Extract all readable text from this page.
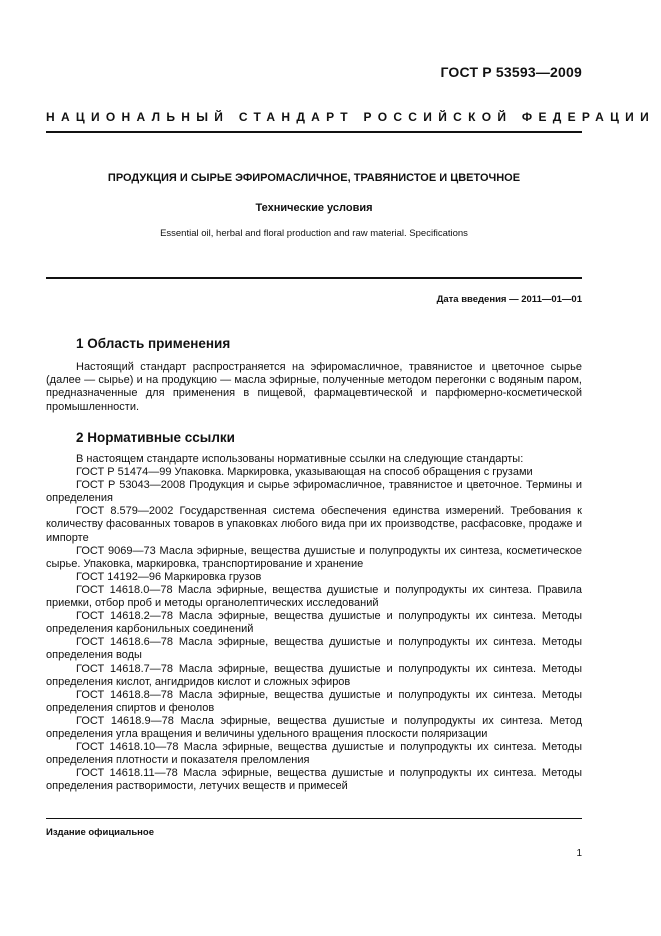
ГОСТ Р 53593—2009
НАЦИОНАЛЬНЫЙ СТАНДАРТ РОССИЙСКОЙ ФЕДЕРАЦИИ
ПРОДУКЦИЯ И СЫРЬЕ ЭФИРОМАСЛИЧНОЕ, ТРАВЯНИСТОЕ И ЦВЕТОЧНОЕ
Технические условия
Essential oil, herbal and floral production and raw material. Specifications
Дата введения — 2011—01—01
1 Область применения
Настоящий стандарт распространяется на эфиромасличное, травянистое и цветочное сырье (далее — сырье) и на продукцию — масла эфирные, полученные методом перегонки с водяным паром, предназначенные для применения в пищевой, фармацевтической и парфюмерно-косметической промышленности.
2 Нормативные ссылки

В настоящем стандарте использованы нормативные ссылки на следующие стандарты:

ГОСТ Р 51474—99 Упаковка. Маркировка, указывающая на способ обращения с грузами

ГОСТ Р 53043—2008 Продукция и сырье эфиромасличное, травянистое и цветочное. Термины и определения

ГОСТ 8.579—2002 Государственная система обеспечения единства измерений. Требования к количеству фасованных товаров в упаковках любого вида при их производстве, расфасовке, продаже и импорте

ГОСТ 9069—73 Масла эфирные, вещества душистые и полупродукты их синтеза, косметическое сырье. Упаковка, маркировка, транспортирование и хранение

ГОСТ 14192—96 Маркировка грузов

ГОСТ 14618.0—78 Масла эфирные, вещества душистые и полупродукты их синтеза. Правила приемки, отбор проб и методы органолептических исследований

ГОСТ 14618.2—78 Масла эфирные, вещества душистые и полупродукты их синтеза. Методы определения карбонильных соединений

ГОСТ 14618.6—78 Масла эфирные, вещества душистые и полупродукты их синтеза. Методы определения воды

ГОСТ 14618.7—78 Масла эфирные, вещества душистые и полупродукты их синтеза. Методы определения кислот, ангидридов кислот и сложных эфиров

ГОСТ 14618.8—78 Масла эфирные, вещества душистые и полупродукты их синтеза. Методы определения спиртов и фенолов

ГОСТ 14618.9—78 Масла эфирные, вещества душистые и полупродукты их синтеза. Метод определения угла вращения и величины удельного вращения плоскости поляризации

ГОСТ 14618.10—78 Масла эфирные, вещества душистые и полупродукты их синтеза. Методы определения плотности и показателя преломления

ГОСТ 14618.11—78 Масла эфирные, вещества душистые и полупродукты их синтеза. Методы определения растворимости, летучих веществ и примесей

Издание официальное
1
